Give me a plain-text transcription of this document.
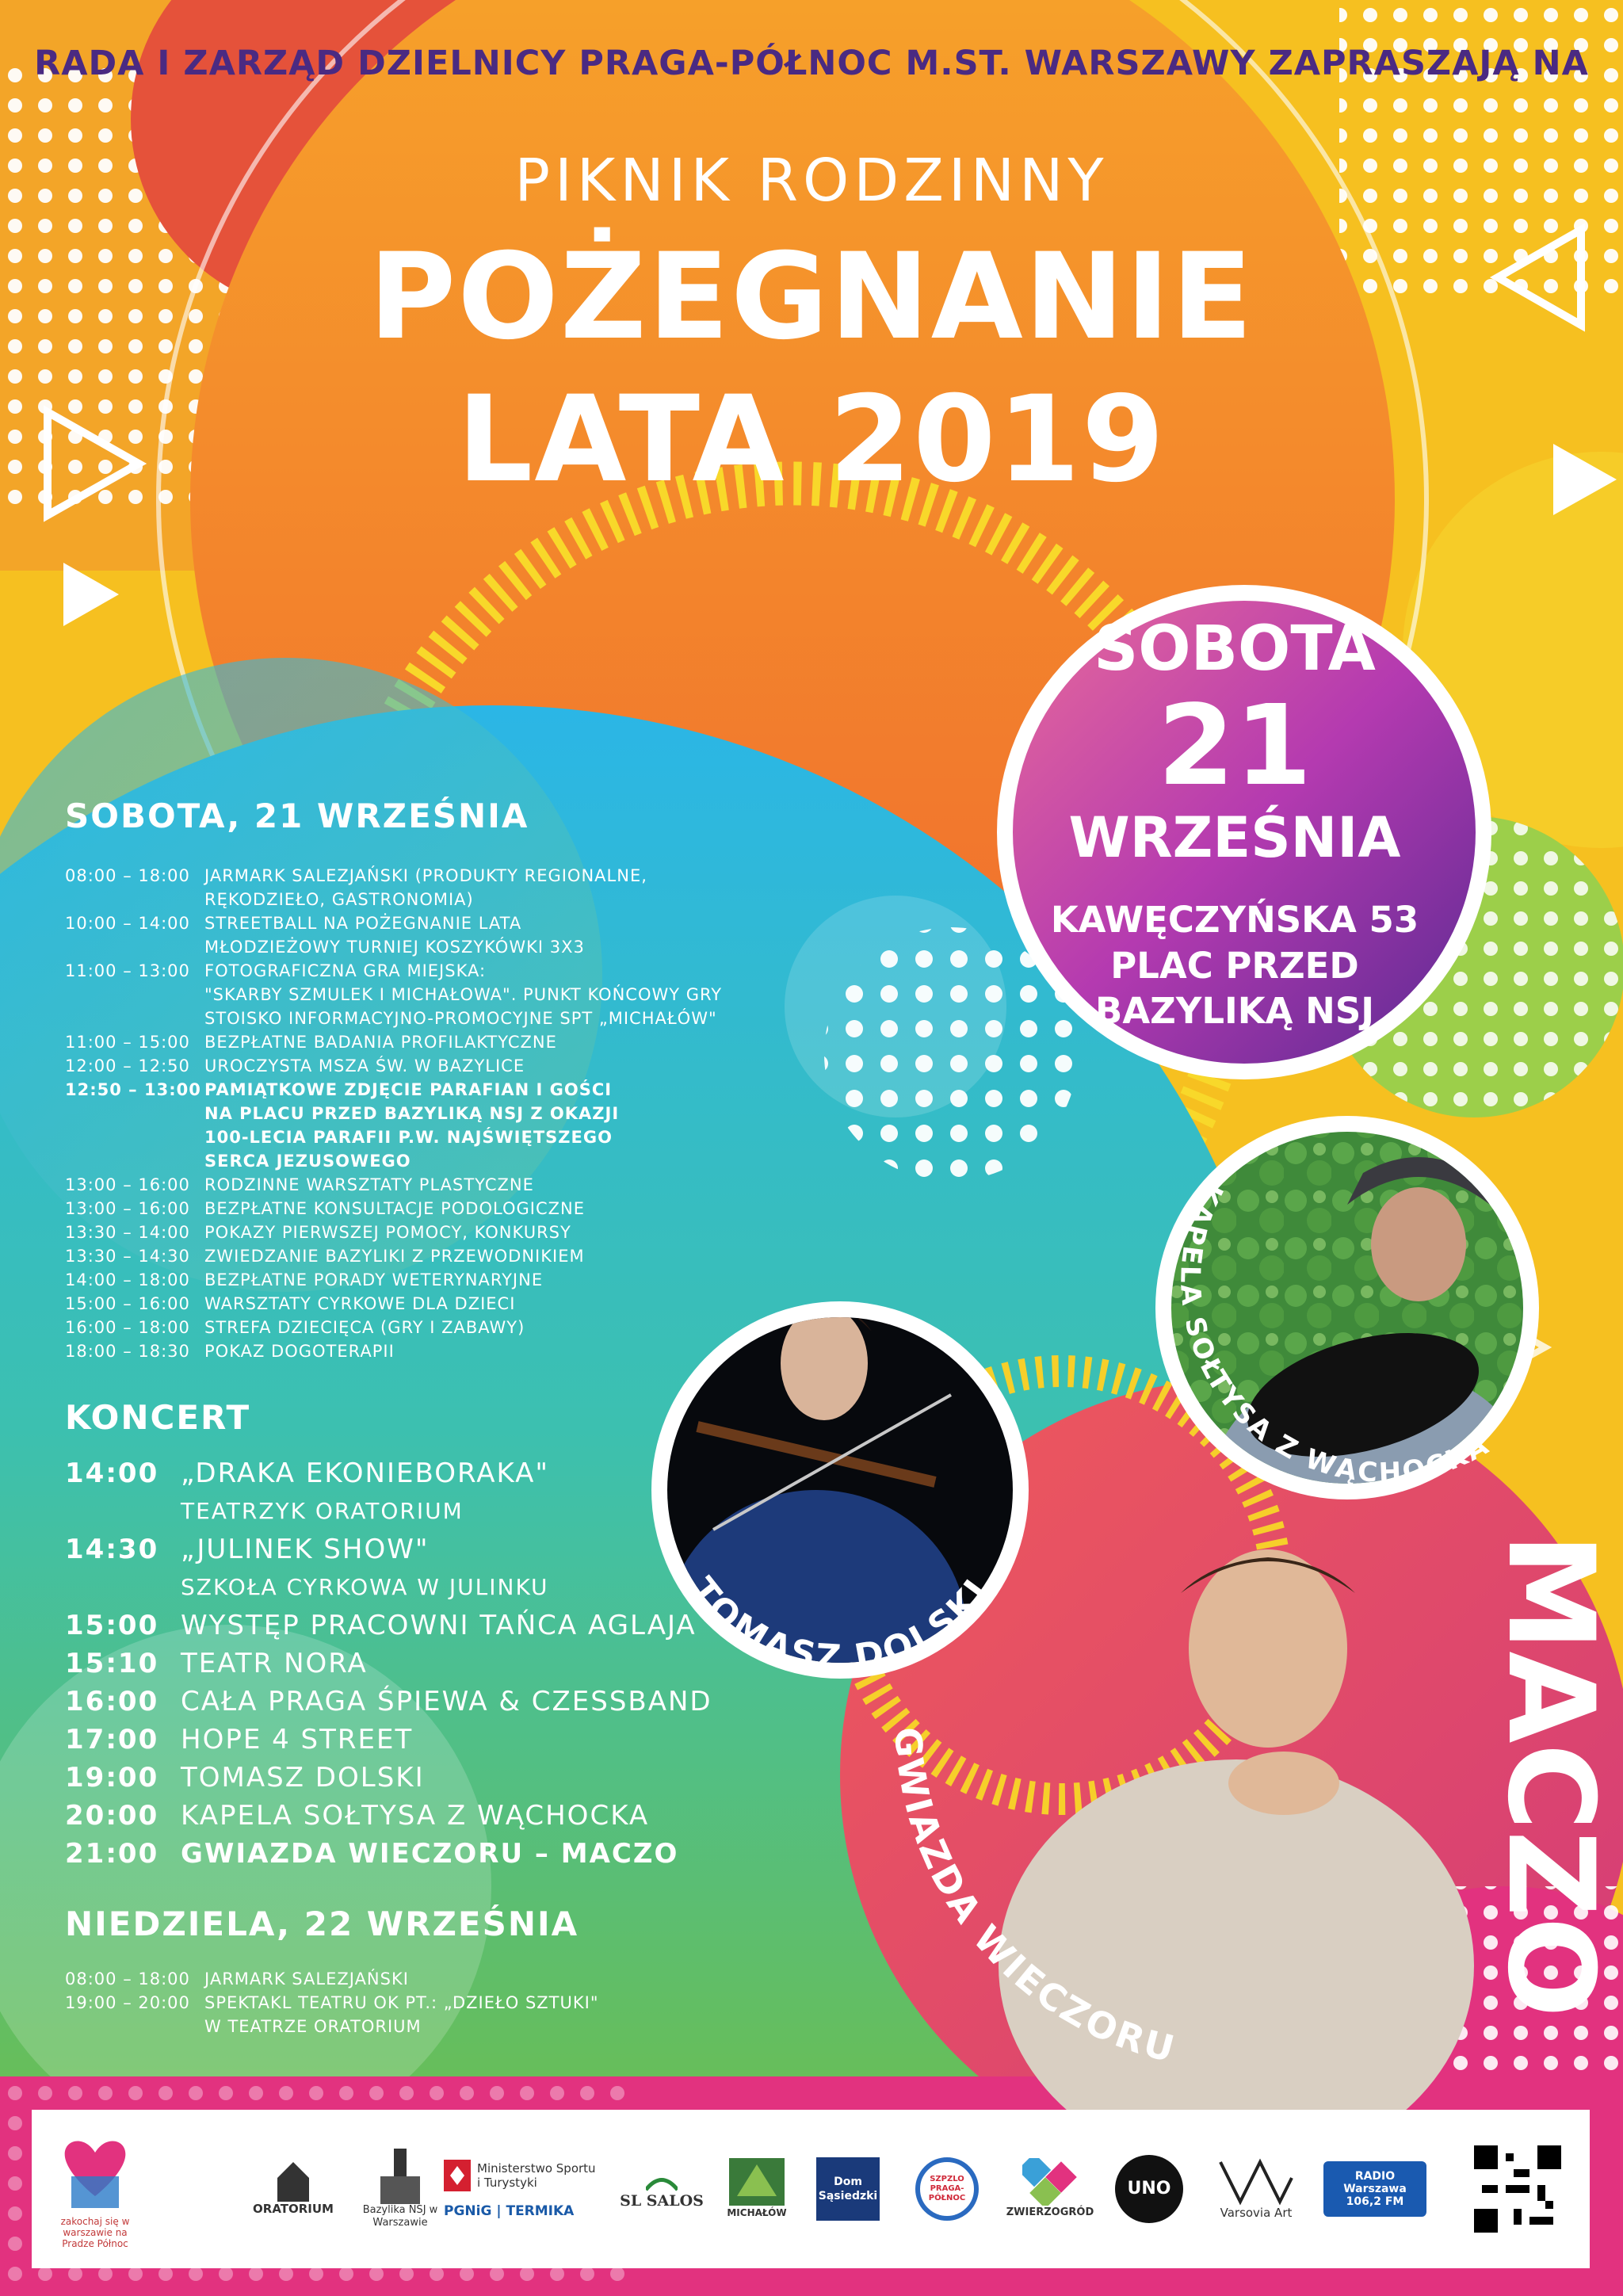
RADA I ZARZĄD DZIELNICY PRAGA-PÓŁNOC M.ST. WARSZAWY ZAPRASZAJĄ NA
PIKNIK RODZINNY
POŻEGNANIE
LATA 2019
SOBOTA
21
WRZEŚNIA
KAWĘCZYŃSKA 53
PLAC PRZED
BAZYLIKĄ NSJ
SOBOTA, 21 WRZEŚNIA
08:00 – 18:00 JARMARK SALEZJAŃSKI (PRODUKTY REGIONALNE,
RĘKODZIEŁO, GASTRONOMIA)
10:00 – 14:00 STREETBALL NA POŻEGNANIE LATA
MŁODZIEŻOWY TURNIEJ KOSZYKÓWKI 3X3
11:00 – 13:00 FOTOGRAFICZNA GRA MIEJSKA:
"SKARBY SZMULEK I MICHAŁOWA". PUNKT KOŃCOWY GRY
STOISKO INFORMACYJNO-PROMOCYJNE SPT „MICHAŁÓW"
11:00 – 15:00 BEZPŁATNE BADANIA PROFILAKTYCZNE
12:00 – 12:50 UROCZYSTA MSZA ŚW. W BAZYLICE
12:50 – 13:00 PAMIĄTKOWE ZDJĘCIE PARAFIAN I GOŚCI
NA PLACU PRZED BAZYLIKĄ NSJ Z OKAZJI
100-LECIA PARAFII P.W. NAJŚWIĘTSZEGO
SERCA JEZUSOWEGO
13:00 – 16:00 RODZINNE WARSZTATY PLASTYCZNE
13:00 – 16:00 BEZPŁATNE KONSULTACJE PODOLOGICZNE
13:30 – 14:00 POKAZY PIERWSZEJ POMOCY, KONKURSY
13:30 – 14:30 ZWIEDZANIE BAZYLIKI Z PRZEWODNIKIEM
14:00 – 18:00 BEZPŁATNE PORADY WETERYNARYJNE
15:00 – 16:00 WARSZTATY CYRKOWE DLA DZIECI
16:00 – 18:00 STREFA DZIECIĘCA (GRY I ZABAWY)
18:00 – 18:30 POKAZ DOGOTERAPII
KONCERT
14:00 „DRAKA EKONIEBORAKA"
TEATRZYK ORATORIUM
14:30 „JULINEK SHOW"
SZKOŁA CYRKOWA W JULINKU
15:00 WYSTĘP PRACOWNI TAŃCA AGLAJA
15:10 TEATR NORA
16:00 CAŁA PRAGA ŚPIEWA & CZESSBAND
17:00 HOPE 4 STREET
19:00 TOMASZ DOLSKI
20:00 KAPELA SOŁTYSA Z WĄCHOCKA
21:00 GWIAZDA WIECZORU – MACZO
NIEDZIELA, 22 WRZEŚNIA
08:00 – 18:00 JARMARK SALEZJAŃSKI
19:00 – 20:00 SPEKTAKL TEATRU OK PT.: „DZIEŁO SZTUKI"
W TEATRZE ORATORIUM
TOMASZ DOLSKI
KAPELA SOŁTYSA Z WĄCHOCKA
GWIAZDA WIECZORU
MACZO
zakochaj się w warszawie na Pradze Północ
ORATORIUM	Bazylika NSJ w Warszawie
Ministerstwo Sportu i Turystyki
PGNiG | TERMIKA
SL SALOS
MICHAŁÓW
Dom Sąsiedzki
SZPZLO PRAGA-PÓŁNOC
ZWIERZOGRÓD
UNO
Varsovia Art
RADIO Warszawa 106,2 FM
